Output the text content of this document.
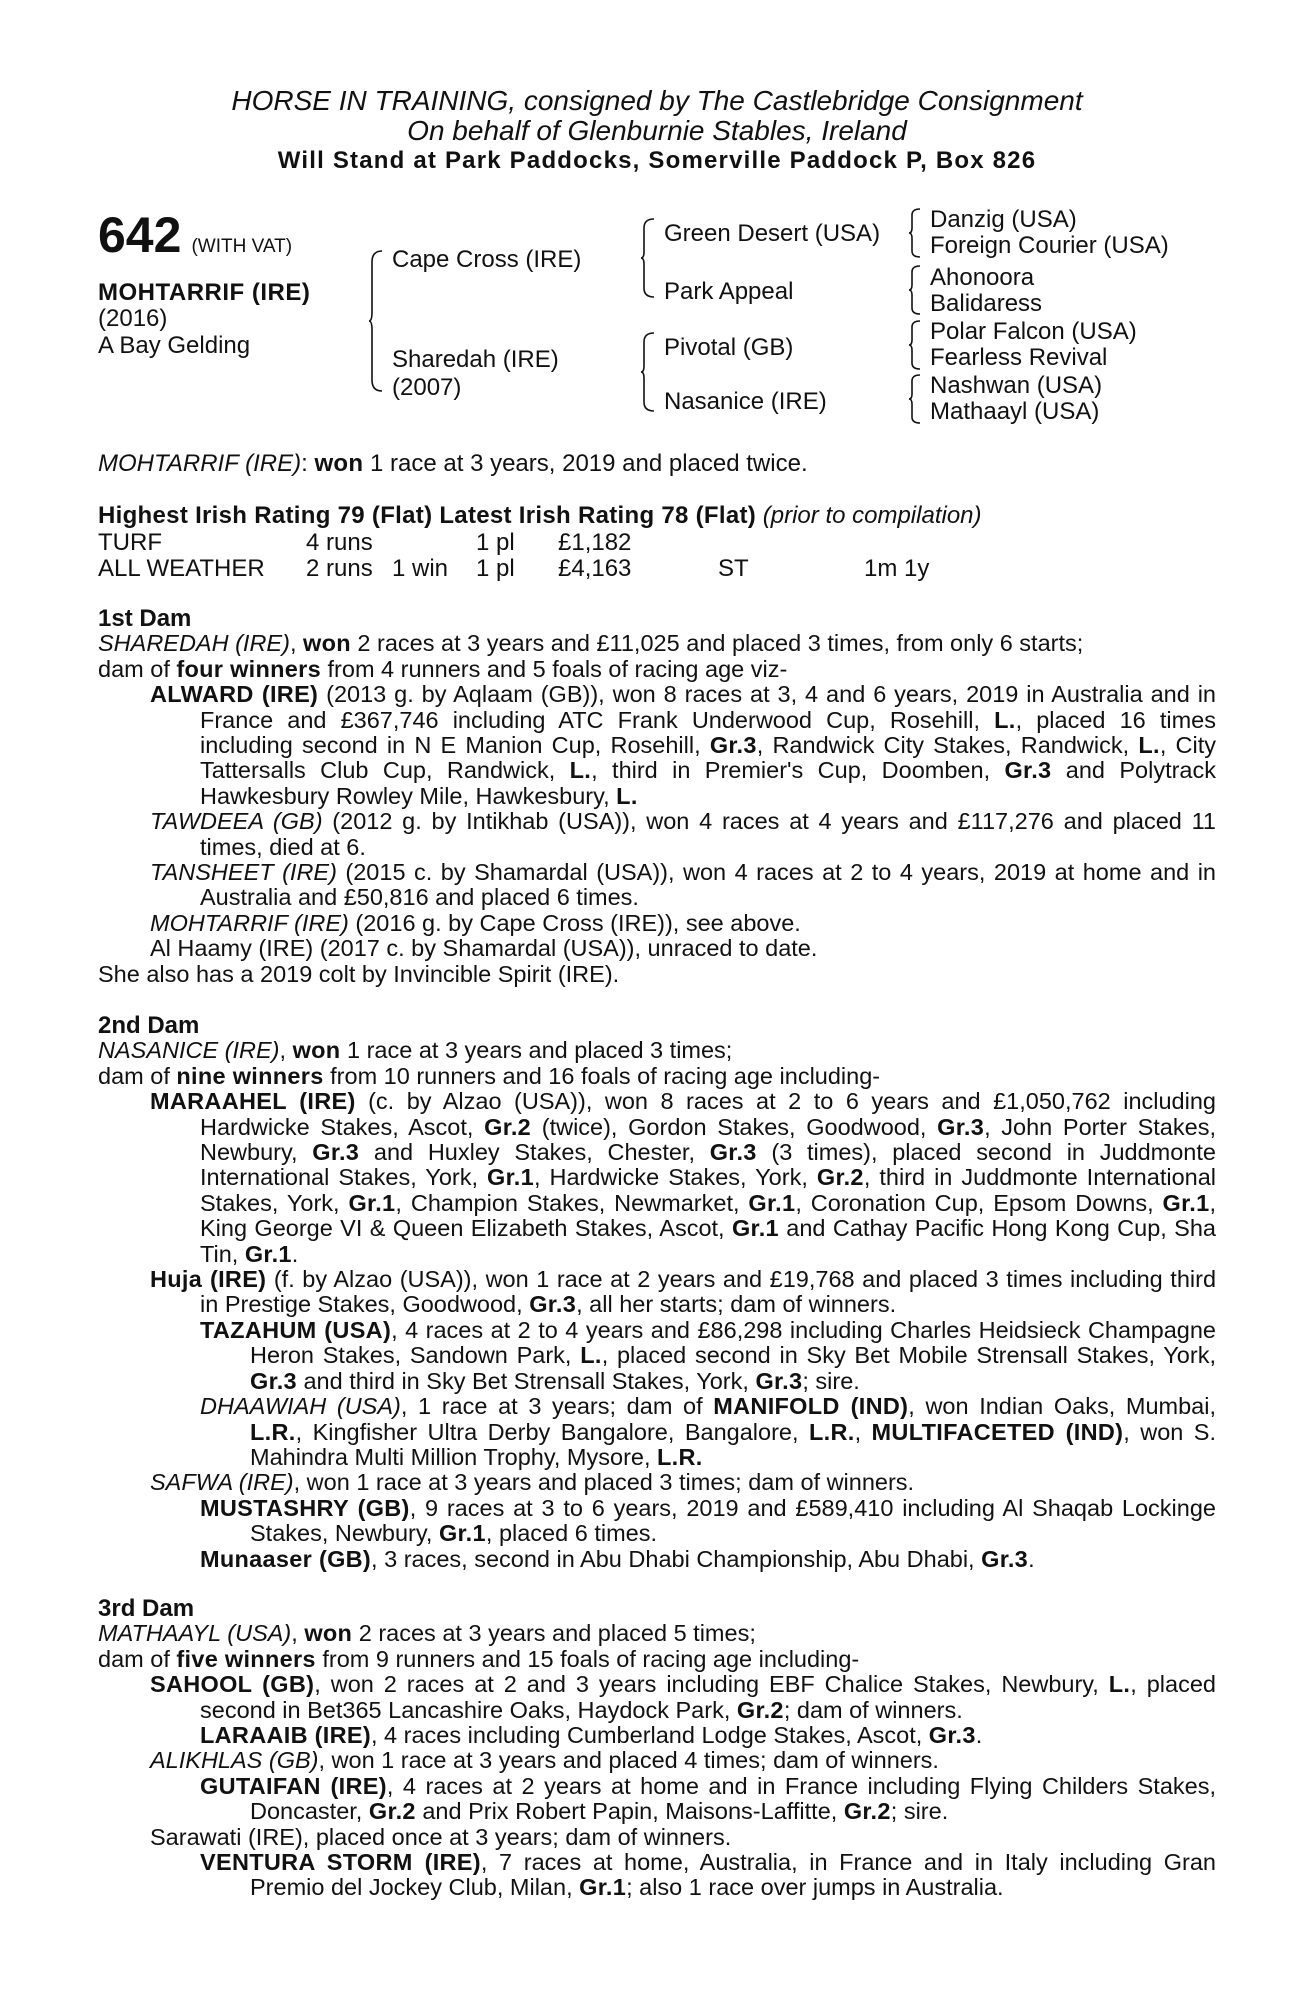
HORSE IN TRAINING, consigned by The Castlebridge Consignment
On behalf of Glenburnie Stables, Ireland
Will Stand at Park Paddocks, Somerville Paddock P, Box 826
642 (WITH VAT)
MOHTARRIF (IRE)
(2016)
A Bay Gelding
Cape Cross (IRE)
Sharedah (IRE)
(2007)
Green Desert (USA)
Park Appeal
Pivotal (GB)
Nasanice (IRE)
Danzig (USA)
Foreign Courier (USA)
Ahonoora
Balidaress
Polar Falcon (USA)
Fearless Revival
Nashwan (USA)
Mathaayl (USA)
MOHTARRIF (IRE): won 1 race at 3 years, 2019 and placed twice.
Highest Irish Rating 79 (Flat) Latest Irish Rating 78 (Flat) (prior to compilation)
TURF	4 runs	1 pl £1,182
ALL WEATHER 2 runs 1 win 1 pl £4,163	ST	1m 1y

1st Dam

SHAREDAH (IRE), won 2 races at 3 years and £11,025 and placed 3 times, from only 6 starts;

dam of four winners from 4 runners and 5 foals of racing age viz-

ALWARD (IRE) (2013 g. by Aqlaam (GB)), won 8 races at 3, 4 and 6 years, 2019 in Australia and in France and £367,746 including ATC Frank Underwood Cup, Rosehill, L., placed 16 times including second in N E Manion Cup, Rosehill, Gr.3, Randwick City Stakes, Randwick, L., City Tattersalls Club Cup, Randwick, L., third in Premier's Cup, Doomben, Gr.3 and Polytrack Hawkesbury Rowley Mile, Hawkesbury, L.

TAWDEEA (GB) (2012 g. by Intikhab (USA)), won 4 races at 4 years and £117,276 and placed 11 times, died at 6.

TANSHEET (IRE) (2015 c. by Shamardal (USA)), won 4 races at 2 to 4 years, 2019 at home and in Australia and £50,816 and placed 6 times.

MOHTARRIF (IRE) (2016 g. by Cape Cross (IRE)), see above.

Al Haamy (IRE) (2017 c. by Shamardal (USA)), unraced to date.

She also has a 2019 colt by Invincible Spirit (IRE).

2nd Dam

NASANICE (IRE), won 1 race at 3 years and placed 3 times;

dam of nine winners from 10 runners and 16 foals of racing age including-

MARAAHEL (IRE) (c. by Alzao (USA)), won 8 races at 2 to 6 years and £1,050,762 including Hardwicke Stakes, Ascot, Gr.2 (twice), Gordon Stakes, Goodwood, Gr.3, John Porter Stakes, Newbury, Gr.3 and Huxley Stakes, Chester, Gr.3 (3 times), placed second in Juddmonte International Stakes, York, Gr.1, Hardwicke Stakes, York, Gr.2, third in Juddmonte International Stakes, York, Gr.1, Champion Stakes, Newmarket, Gr.1, Coronation Cup, Epsom Downs, Gr.1, King George VI & Queen Elizabeth Stakes, Ascot, Gr.1 and Cathay Pacific Hong Kong Cup, Sha Tin, Gr.1.

Huja (IRE) (f. by Alzao (USA)), won 1 race at 2 years and £19,768 and placed 3 times including third in Prestige Stakes, Goodwood, Gr.3, all her starts; dam of winners.

TAZAHUM (USA), 4 races at 2 to 4 years and £86,298 including Charles Heidsieck Champagne Heron Stakes, Sandown Park, L., placed second in Sky Bet Mobile Strensall Stakes, York, Gr.3 and third in Sky Bet Strensall Stakes, York, Gr.3; sire.

DHAAWIAH (USA), 1 race at 3 years; dam of MANIFOLD (IND), won Indian Oaks, Mumbai, L.R., Kingfisher Ultra Derby Bangalore, Bangalore, L.R., MULTIFACETED (IND), won S. Mahindra Multi Million Trophy, Mysore, L.R.

SAFWA (IRE), won 1 race at 3 years and placed 3 times; dam of winners.

MUSTASHRY (GB), 9 races at 3 to 6 years, 2019 and £589,410 including Al Shaqab Lockinge Stakes, Newbury, Gr.1, placed 6 times.

Munaaser (GB), 3 races, second in Abu Dhabi Championship, Abu Dhabi, Gr.3.

3rd Dam

MATHAAYL (USA), won 2 races at 3 years and placed 5 times;

dam of five winners from 9 runners and 15 foals of racing age including-

SAHOOL (GB), won 2 races at 2 and 3 years including EBF Chalice Stakes, Newbury, L., placed second in Bet365 Lancashire Oaks, Haydock Park, Gr.2; dam of winners.

LARAAIB (IRE), 4 races including Cumberland Lodge Stakes, Ascot, Gr.3.

ALIKHLAS (GB), won 1 race at 3 years and placed 4 times; dam of winners.

GUTAIFAN (IRE), 4 races at 2 years at home and in France including Flying Childers Stakes, Doncaster, Gr.2 and Prix Robert Papin, Maisons-Laffitte, Gr.2; sire.

Sarawati (IRE), placed once at 3 years; dam of winners.

VENTURA STORM (IRE), 7 races at home, Australia, in France and in Italy including Gran Premio del Jockey Club, Milan, Gr.1; also 1 race over jumps in Australia.
